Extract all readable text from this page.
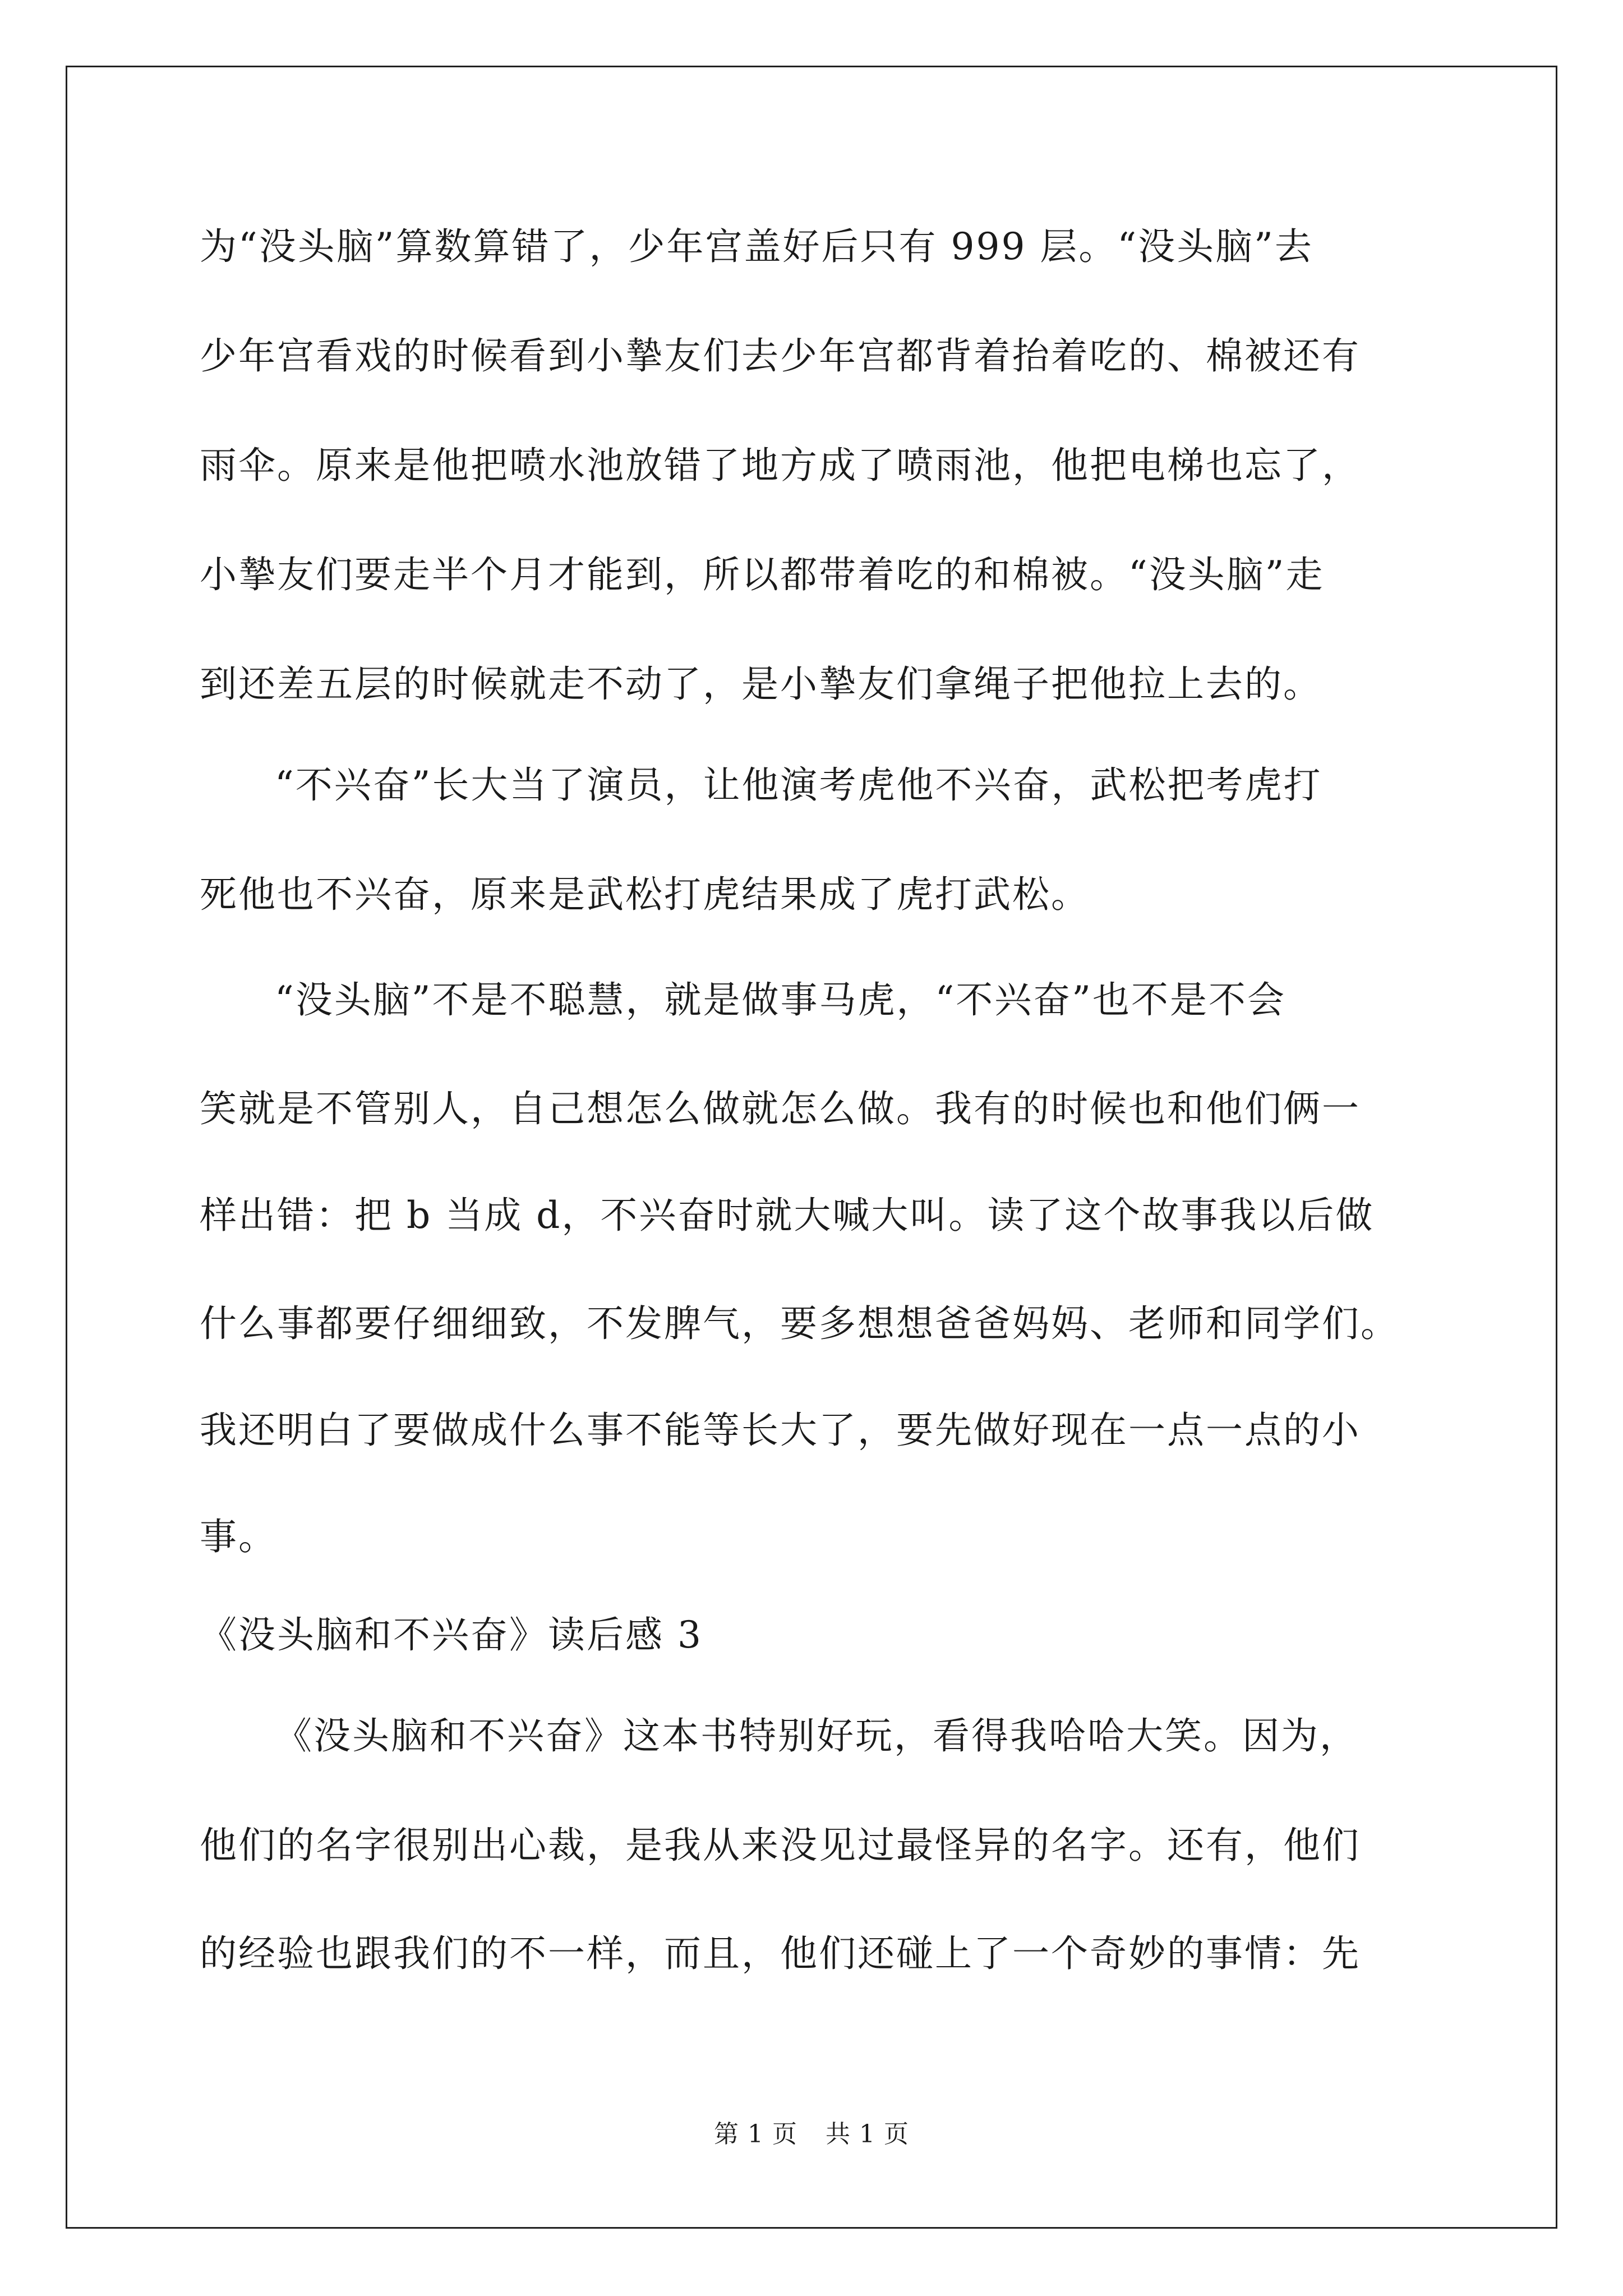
为“没头脑”算数算错了，少年宫盖好后只有 999 层。“没头脑”去
少年宫看戏的时候看到小摯友们去少年宫都背着抬着吃的、棉被还有
雨伞。原来是他把喷水池放错了地方成了喷雨池，他把电梯也忘了，
小摯友们要走半个月才能到，所以都带着吃的和棉被。“没头脑”走
到还差五层的时候就走不动了，是小摯友们拿绳子把他拉上去的。
“不兴奋”长大当了演员，让他演考虎他不兴奋，武松把考虎打
死他也不兴奋，原来是武松打虎结果成了虎打武松。
“没头脑”不是不聪慧，就是做事马虎，“不兴奋”也不是不会
笑就是不管别人，自己想怎么做就怎么做。我有的时候也和他们俩一
样出错：把 b 当成 d，不兴奋时就大喊大叫。读了这个故事我以后做
什么事都要仔细细致，不发脾气，要多想想爸爸妈妈、老师和同学们。
我还明白了要做成什么事不能等长大了，要先做好现在一点一点的小
事。
《没头脑和不兴奋》读后感 3
《没头脑和不兴奋》这本书特别好玩，看得我哈哈大笑。因为，
他们的名字很别出心裁，是我从来没见过最怪异的名字。还有，他们
的经验也跟我们的不一样，而且，他们还碰上了一个奇妙的事情：先
第 1 页 共 1 页
